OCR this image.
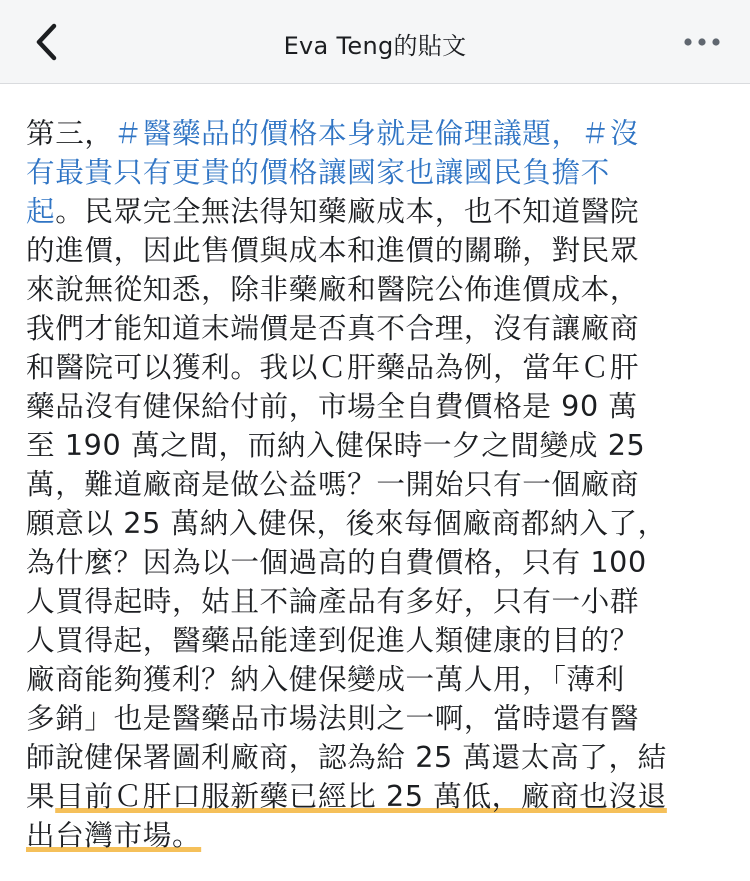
Eva Teng的貼文
第三，＃醫藥品的價格本身就是倫理議題，＃沒
有最貴只有更貴的價格讓國家也讓國民負擔不
起。民眾完全無法得知藥廠成本，也不知道醫院
的進價，因此售價與成本和進價的關聯，對民眾
來說無從知悉，除非藥廠和醫院公佈進價成本，
我們才能知道末端價是否真不合理，沒有讓廠商
和醫院可以獲利。我以Ｃ肝藥品為例，當年Ｃ肝
藥品沒有健保給付前，市場全自費價格是 90 萬
至 190 萬之間，而納入健保時一夕之間變成 25
萬，難道廠商是做公益嗎？一開始只有一個廠商
願意以 25 萬納入健保，後來每個廠商都納入了，
為什麼？因為以一個過高的自費價格，只有 100
人買得起時，姑且不論產品有多好，只有一小群
人買得起，醫藥品能達到促進人類健康的目的？
廠商能夠獲利？納入健保變成一萬人用，「薄利
多銷」也是醫藥品市場法則之一啊，當時還有醫
師說健保署圖利廠商，認為給 25 萬還太高了，結
果目前Ｃ肝口服新藥已經比 25 萬低，廠商也沒退
出台灣市場。
